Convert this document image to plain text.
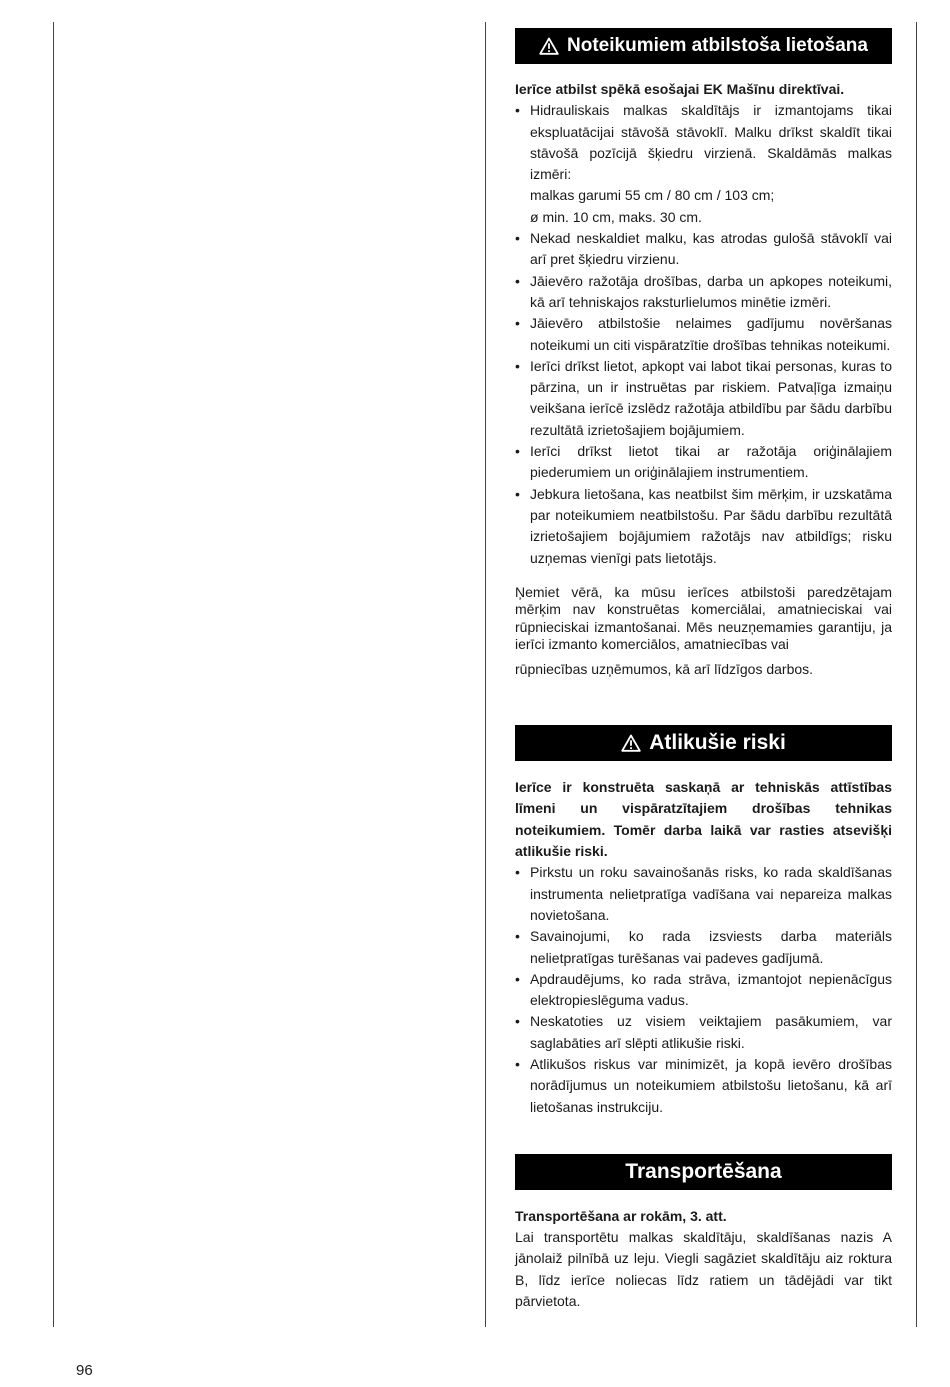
96
Noteikumiem atbilstoša lietošana

Ierīce atbilst spēkā esošajai EK Mašīnu direktīvai.

• Hidrauliskais malkas skaldītājs ir izmantojams tikai ekspluatācijai stāvošā stāvoklī. Malku drīkst skaldīt tikai stāvošā pozīcijā šķiedru virzienā. Skaldāmās malkas izmēri:
malkas garumi 55 cm / 80 cm / 103 cm;
ø min. 10 cm, maks. 30 cm.
• Nekad neskaldiet malku, kas atrodas gulošā stāvoklī vai arī pret šķiedru virzienu.
• Jāievēro ražotāja drošības, darba un apkopes noteikumi, kā arī tehniskajos raksturlielumos minētie izmēri.
• Jāievēro atbilstošie nelaimes gadījumu novēršanas noteikumi un citi vispāratzītie drošības tehnikas noteikumi.
• Ierīci drīkst lietot, apkopt vai labot tikai personas, kuras to pārzina, un ir instruētas par riskiem. Patvaļīga izmaiņu veikšana ierīcē izslēdz ražotāja atbildību par šādu darbību rezultātā izrietošajiem bojājumiem.
• Ierīci drīkst lietot tikai ar ražotāja oriģinālajiem piederumiem un oriģinālajiem instrumentiem.
• Jebkura lietošana, kas neatbilst šim mērķim, ir uzskatāma par noteikumiem neatbilstošu. Par šādu darbību rezultātā izrietošajiem bojājumiem ražotājs nav atbildīgs; risku uzņemas vienīgi pats lietotājs.

Ņemiet vērā, ka mūsu ierīces atbilstoši paredzētajam mērķim nav konstruētas komerciālai, amatnieciskai vai rūpnieciskai izmantošanai. Mēs neuzņemamies garantiju, ja ierīci izmanto komerciālos, amatniecības vai

rūpniecības uzņēmumos, kā arī līdzīgos darbos.

Atlikušie riski

Ierīce ir konstruēta saskaņā ar tehniskās attīstības līmeni un vispāratzītajiem drošības tehnikas noteikumiem. Tomēr darba laikā var rasties atsevišķi atlikušie riski.

• Pirkstu un roku savainošanās risks, ko rada skaldīšanas instrumenta nelietpratīga vadīšana vai nepareiza malkas novietošana.
• Savainojumi, ko rada izsviests darba materiāls nelietpratīgas turēšanas vai padeves gadījumā.
• Apdraudējums, ko rada strāva, izmantojot nepienācīgus elektropieslēguma vadus.
• Neskatoties uz visiem veiktajiem pasākumiem, var saglabāties arī slēpti atlikušie riski.
• Atlikušos riskus var minimizēt, ja kopā ievēro drošības norādījumus un noteikumiem atbilstošu lietošanu, kā arī lietošanas instrukciju.
Transportēšana

Transportēšana ar rokām, 3. att.

Lai transportētu malkas skaldītāju, skaldīšanas nazis A jānolaiž pilnībā uz leju. Viegli sagāziet skaldītāju aiz roktura B, līdz ierīce noliecas līdz ratiem un tādējādi var tikt pārvietota.
